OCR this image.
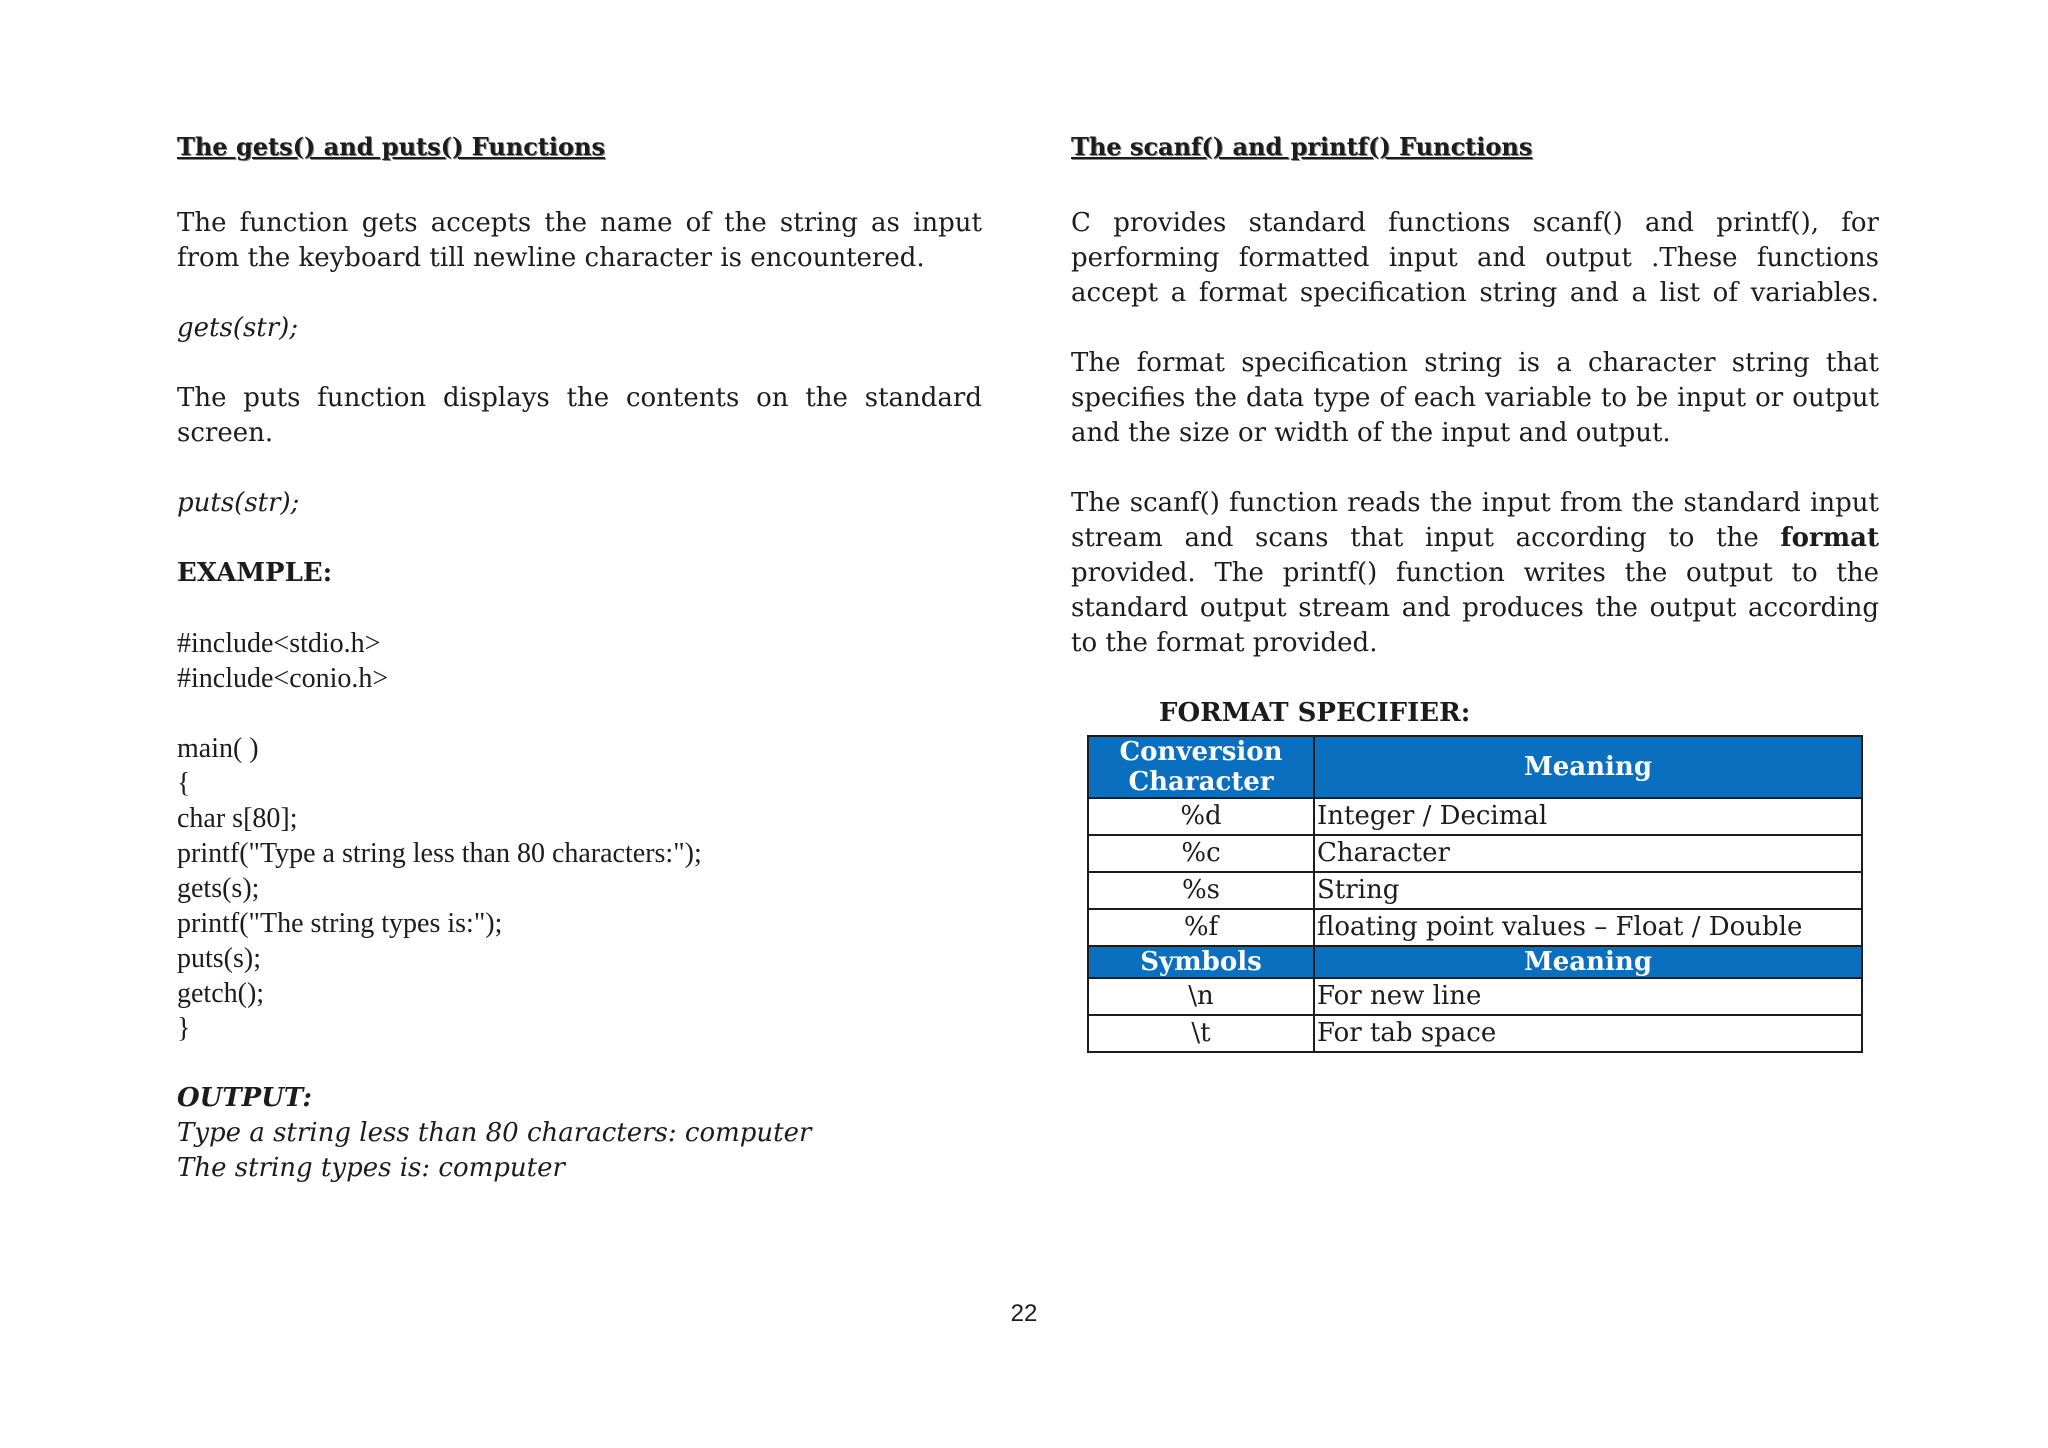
The gets() and puts() Functions

The function gets accepts the name of the string as input from the keyboard till newline character is encountered.

gets(str);

The puts function displays the contents on the standard screen.

puts(str);

EXAMPLE:

#include<stdio.h>
#include<conio.h>

main( )
{
char s[80];
printf("Type a string less than 80 characters:");
gets(s);
printf("The string types is:");
puts(s);
getch();
}

OUTPUT:

Type a string less than 80 characters: computer

The string types is: computer

The scanf() and printf() Functions

C provides standard functions scanf() and printf(), for performing formatted input and output .These functions accept a format specification string and a list of variables.

The format specification string is a character string that specifies the data type of each variable to be input or output and the size or width of the input and output.

The scanf() function reads the input from the standard input stream and scans that input according to the format provided. The printf() function writes the output to the standard output stream and produces the output according to the format provided.

FORMAT SPECIFIER:
Conversion Character	Meaning
%d	Integer / Decimal
%c	Character
%s	String
%f	floating point values – Float / Double
Symbols	Meaning
\n	For new line
\t	For tab space
22
